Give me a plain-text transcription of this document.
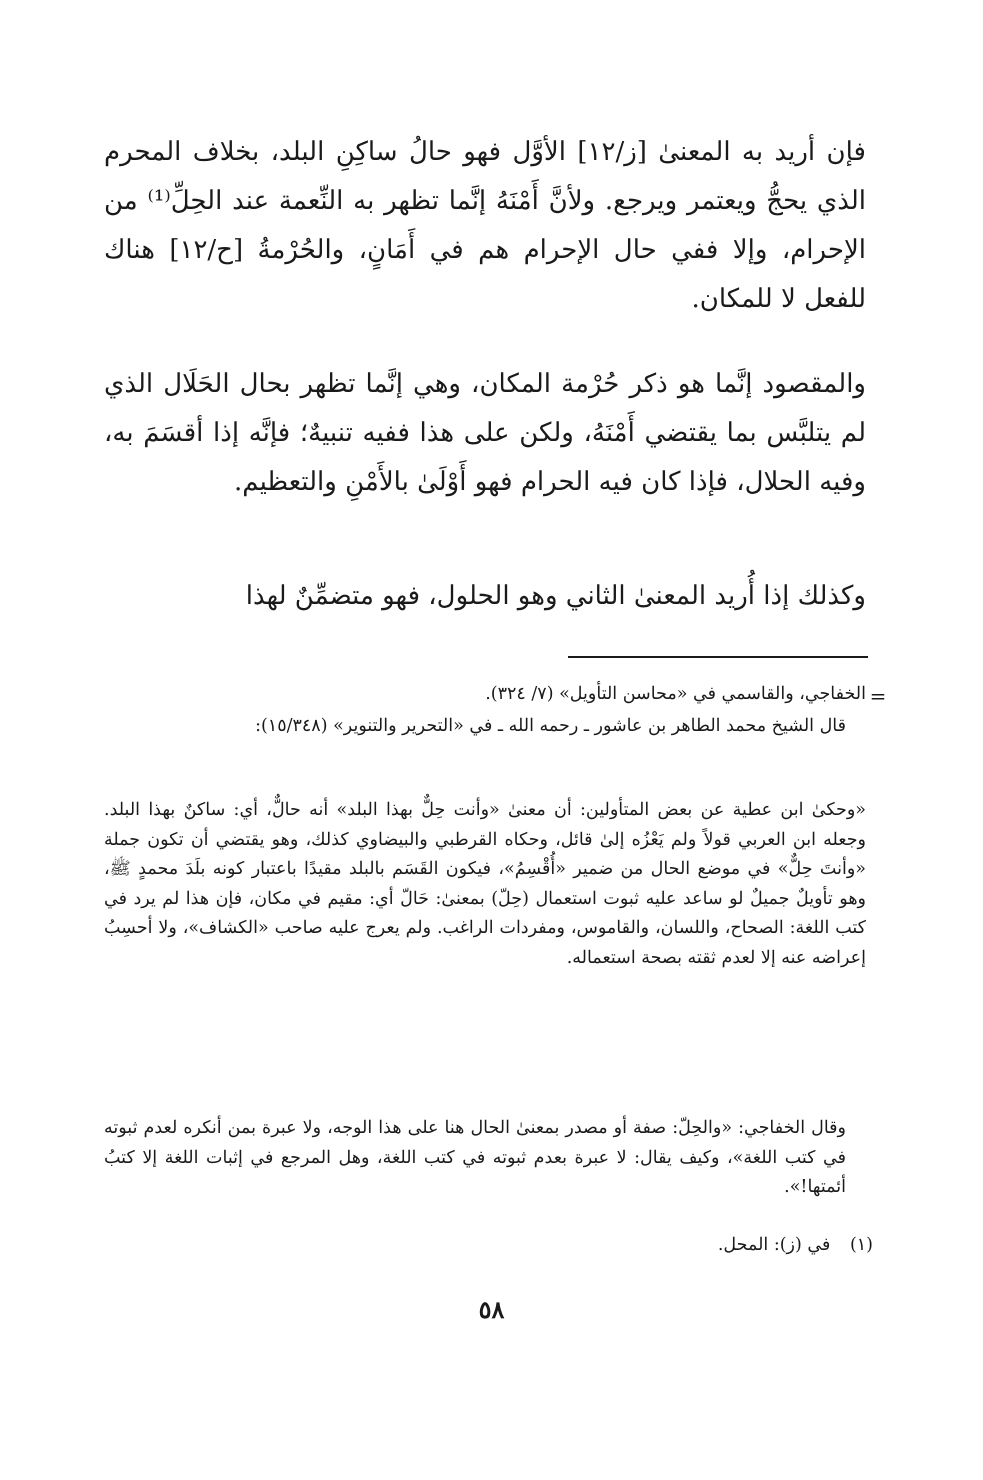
فإن أريد به المعنىٰ [ز/١٢] الأوَّل فهو حالُ ساكِنِ البلد، بخلاف المحرم الذي يحجُّ ويعتمر ويرجع. ولأنَّ أَمْنَهُ إنَّما تظهر به النِّعمة عند الحِلِّ⁽¹⁾ من الإحرام، وإلا ففي حال الإحرام هم في أَمَانٍ، والحُرْمةُ [ح/١٢] هناك للفعل لا للمكان.

والمقصود إنَّما هو ذكر حُرْمة المكان، وهي إنَّما تظهر بحال الحَلَال الذي لم يتلبَّس بما يقتضي أَمْنَهُ، ولكن على هذا ففيه تنبيهٌ؛ فإنَّه إذا أقسَمَ به، وفيه الحلال، فإذا كان فيه الحرام فهو أَوْلَىٰ بالأَمْنِ والتعظيم.

وكذلك إذا أُريد المعنىٰ الثاني وهو الحلول، فهو متضمِّنٌ لهذا

=

الخفاجي، والقاسمي في «محاسن التأويل» (٧/ ٣٢٤).

قال الشيخ محمد الطاهر بن عاشور ـ رحمه الله ـ في «التحرير والتنوير» (١٥/٣٤٨):

«وحكىٰ ابن عطية عن بعض المتأولين: أن معنىٰ «وأنت حِلٌّ بهذا البلد» أنه حالٌّ، أي: ساكنٌ بهذا البلد. وجعله ابن العربي قولاً ولم يَعْزُه إلىٰ قائل، وحكاه القرطبي والبيضاوي كذلك، وهو يقتضي أن تكون جملة «وأنتَ حِلٌّ» في موضع الحال من ضمير «أُقْسِمُ»، فيكون القَسَم بالبلد مقيدًا باعتبار كونه بلَدَ محمدٍ ﷺ، وهو تأويلٌ جميلٌ لو ساعد عليه ثبوت استعمال (حِلّ) بمعنىٰ: حَالّ أي: مقيم في مكان، فإن هذا لم يرد في كتب اللغة: الصحاح، واللسان، والقاموس، ومفردات الراغب. ولم يعرج عليه صاحب «الكشاف»، ولا أحسِبُ إعراضه عنه إلا لعدم ثقته بصحة استعماله.

وقال الخفاجي: «والحِلّ: صفة أو مصدر بمعنىٰ الحال هنا على هذا الوجه، ولا عبرة بمن أنكره لعدم ثبوته في كتب اللغة»، وكيف يقال: لا عبرة بعدم ثبوته في كتب اللغة، وهل المرجع في إثبات اللغة إلا كتبُ أئمتها!».

(١) في (ز): المحل.
٥٨
